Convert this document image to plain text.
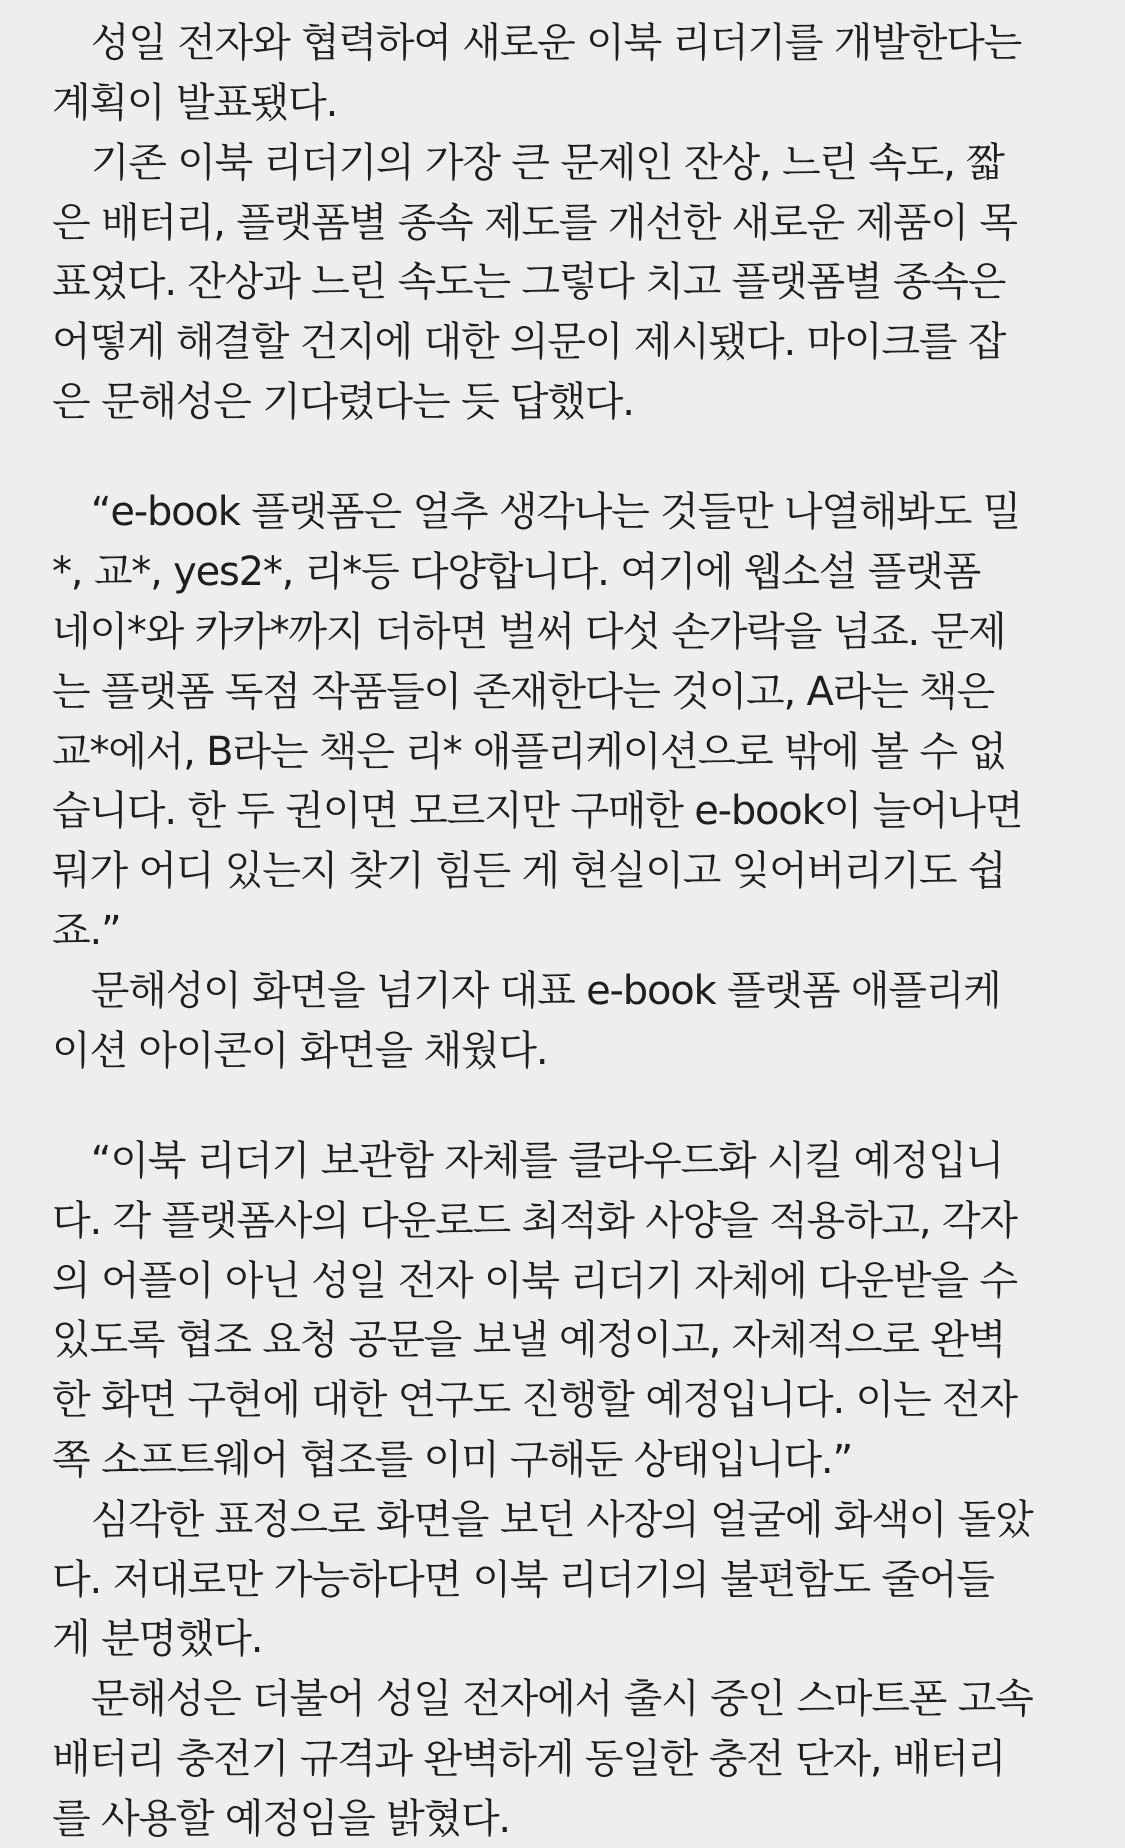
　성일 전자와 협력하여 새로운 이북 리더기를 개발한다는
계획이 발표됐다.
　기존 이북 리더기의 가장 큰 문제인 잔상, 느린 속도, 짧
은 배터리, 플랫폼별 종속 제도를 개선한 새로운 제품이 목
표였다. 잔상과 느린 속도는 그렇다 치고 플랫폼별 종속은
어떻게 해결할 건지에 대한 의문이 제시됐다. 마이크를 잡
은 문해성은 기다렸다는 듯 답했다.
　“e-book 플랫폼은 얼추 생각나는 것들만 나열해봐도 밀
*, 교*, yes2*, 리*등 다양합니다. 여기에 웹소설 플랫폼
네이*와 카카*까지 더하면 벌써 다섯 손가락을 넘죠. 문제
는 플랫폼 독점 작품들이 존재한다는 것이고, A라는 책은
교*에서, B라는 책은 리* 애플리케이션으로 밖에 볼 수 없
습니다. 한 두 권이면 모르지만 구매한 e-book이 늘어나면
뭐가 어디 있는지 찾기 힘든 게 현실이고 잊어버리기도 쉽
죠.”
　문해성이 화면을 넘기자 대표 e-book 플랫폼 애플리케
이션 아이콘이 화면을 채웠다.
　“이북 리더기 보관함 자체를 클라우드화 시킬 예정입니
다. 각 플랫폼사의 다운로드 최적화 사양을 적용하고, 각자
의 어플이 아닌 성일 전자 이북 리더기 자체에 다운받을 수
있도록 협조 요청 공문을 보낼 예정이고, 자체적으로 완벽
한 화면 구현에 대한 연구도 진행할 예정입니다. 이는 전자
쪽 소프트웨어 협조를 이미 구해둔 상태입니다.”
　심각한 표정으로 화면을 보던 사장의 얼굴에 화색이 돌았
다. 저대로만 가능하다면 이북 리더기의 불편함도 줄어들
게 분명했다.
　문해성은 더불어 성일 전자에서 출시 중인 스마트폰 고속
배터리 충전기 규격과 완벽하게 동일한 충전 단자, 배터리
를 사용할 예정임을 밝혔다.
